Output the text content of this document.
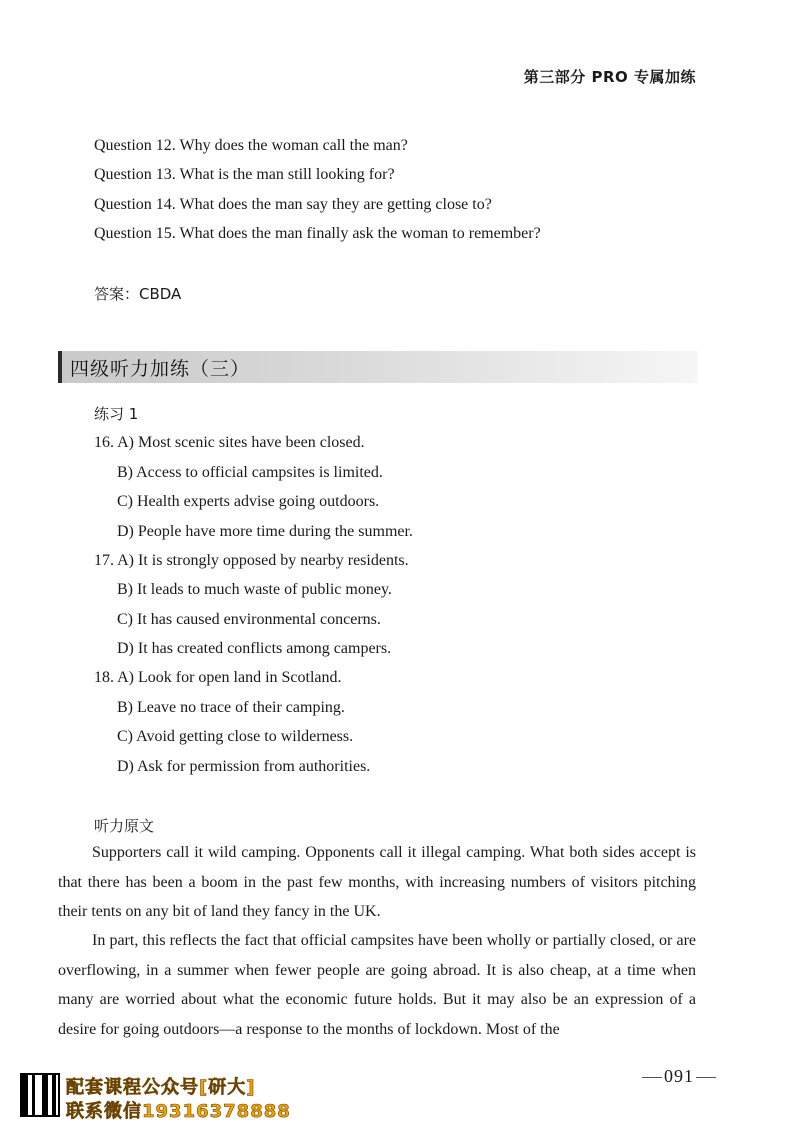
第三部分 PRO 专属加练
Question 12. Why does the woman call the man?
Question 13. What is the man still looking for?
Question 14. What does the man say they are getting close to?
Question 15. What does the man finally ask the woman to remember?
答案：CBDA
四级听力加练（三）
练习 1
16. A) Most scenic sites have been closed.
B) Access to official campsites is limited.
C) Health experts advise going outdoors.
D) People have more time during the summer.
17. A) It is strongly opposed by nearby residents.
B) It leads to much waste of public money.
C) It has caused environmental concerns.
D) It has created conflicts among campers.
18. A) Look for open land in Scotland.
B) Leave no trace of their camping.
C) Avoid getting close to wilderness.
D) Ask for permission from authorities.
听力原文
Supporters call it wild camping. Opponents call it illegal camping. What both sides accept is that there has been a boom in the past few months, with increasing numbers of visitors pitching their tents on any bit of land they fancy in the UK.
In part, this reflects the fact that official campsites have been wholly or partially closed, or are overflowing, in a summer when fewer people are going abroad. It is also cheap, at a time when many are worried about what the economic future holds. But it may also be an expression of a desire for going outdoors—a response to the months of lockdown. Most of the
091
配套课程公众号[研大]
联系微信19316378888
